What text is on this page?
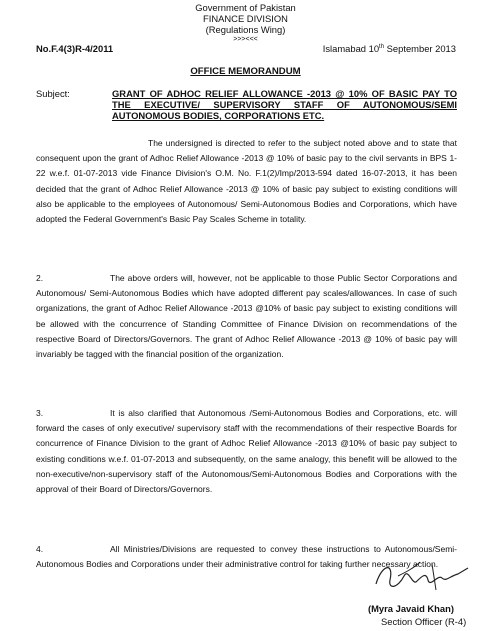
Government of Pakistan
FINANCE DIVISION
(Regulations Wing)
>>><<<
No.F.4(3)R-4/2011	Islamabad 10th September 2013
OFFICE MEMORANDUM
Subject:	GRANT OF ADHOC RELIEF ALLOWANCE -2013 @ 10% OF BASIC PAY TO THE EXECUTIVE/ SUPERVISORY STAFF OF AUTONOMOUS/SEMI AUTONOMOUS BODIES, CORPORATIONS ETC.
The undersigned is directed to refer to the subject noted above and to state that consequent upon the grant of Adhoc Relief Allowance -2013 @ 10% of basic pay to the civil servants in BPS 1-22 w.e.f. 01-07-2013 vide Finance Division's O.M. No. F.1(2)/Imp/2013-594 dated 16-07-2013, it has been decided that the grant of Adhoc Relief Allowance -2013 @ 10% of basic pay subject to existing conditions will also be applicable to the employees of Autonomous/ Semi-Autonomous Bodies and Corporations, which have adopted the Federal Government's Basic Pay Scales Scheme in totality.
2.	The above orders will, however, not be applicable to those Public Sector Corporations and Autonomous/ Semi-Autonomous Bodies which have adopted different pay scales/allowances. In case of such organizations, the grant of Adhoc Relief Allowance -2013 @10% of basic pay subject to existing conditions will be allowed with the concurrence of Standing Committee of Finance Division on recommendations of the respective Board of Directors/Governors. The grant of Adhoc Relief Allowance -2013 @ 10% of basic pay will invariably be tagged with the financial position of the organization.
3.	It is also clarified that Autonomous /Semi-Autonomous Bodies and Corporations, etc. will forward the cases of only executive/ supervisory staff with the recommendations of their respective Boards for concurrence of Finance Division to the grant of Adhoc Relief Allowance -2013 @10% of basic pay subject to existing conditions w.e.f. 01-07-2013 and subsequently, on the same analogy, this benefit will be allowed to the non-executive/non-supervisory staff of the Autonomous/Semi-Autonomous Bodies and Corporations with the approval of their Board of Directors/Governors.
4.	All Ministries/Divisions are requested to convey these instructions to Autonomous/Semi-Autonomous Bodies and Corporations under their administrative control for taking further necessary action.
(Myra Javaid Khan)
Section Officer (R-4)
